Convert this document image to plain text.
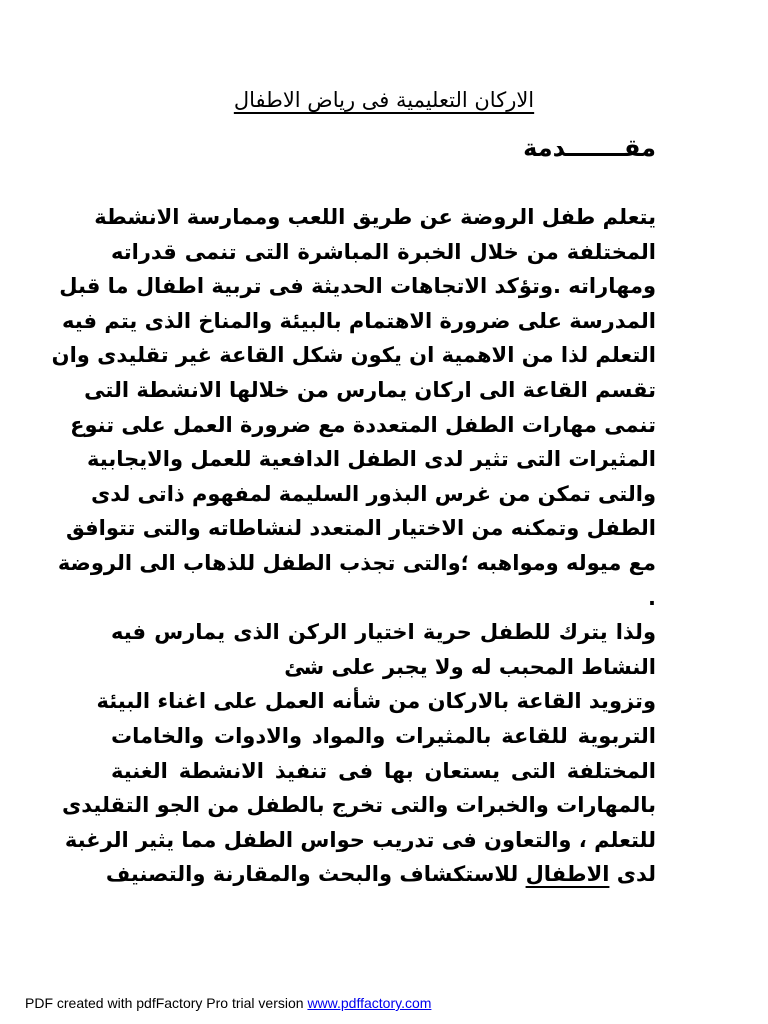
الاركان التعليمية فى رياض الاطفال
مقـــــــدمة
يتعلم طفل الروضة عن طريق اللعب وممارسة الانشطة
المختلفة من خلال الخبرة المباشرة التى تنمى قدراته
ومهاراته .وتؤكد الاتجاهات الحديثة فى تربية اطفال ما قبل
المدرسة على ضرورة الاهتمام بالبيئة والمناخ الذى يتم فيه
التعلم لذا من الاهمية ان يكون شكل القاعة غير تقليدى وان
تقسم القاعة الى اركان يمارس من خلالها الانشطة التى
تنمى مهارات الطفل المتعددة مع ضرورة العمل على تنوع
المثيرات التى تثير لدى الطفل الدافعية للعمل والايجابية
والتى تمكن من غرس البذور السليمة لمفهوم ذاتى لدى
الطفل وتمكنه من الاختيار المتعدد لنشاطاته والتى تتوافق
مع ميوله ومواهبه ؛والتى تجذب الطفل للذهاب الى الروضة
.
ولذا يترك للطفل حرية اختيار الركن الذى يمارس فيه
النشاط المحبب له ولا يجبر على شئ
وتزويد القاعة بالاركان من شأنه العمل على اغناء البيئة
التربوية للقاعة بالمثيرات والمواد والادوات والخامات
المختلفة التى يستعان بها فى تنفيذ الانشطة الغنية
بالمهارات والخبرات والتى تخرج بالطفل من الجو التقليدى
للتعلم ، والتعاون فى تدريب حواس الطفل مما يثير الرغبة
لدى الاطفال للاستكشاف والبحث والمقارنة والتصنيف
PDF created with pdfFactory Pro trial version www.pdffactory.com
